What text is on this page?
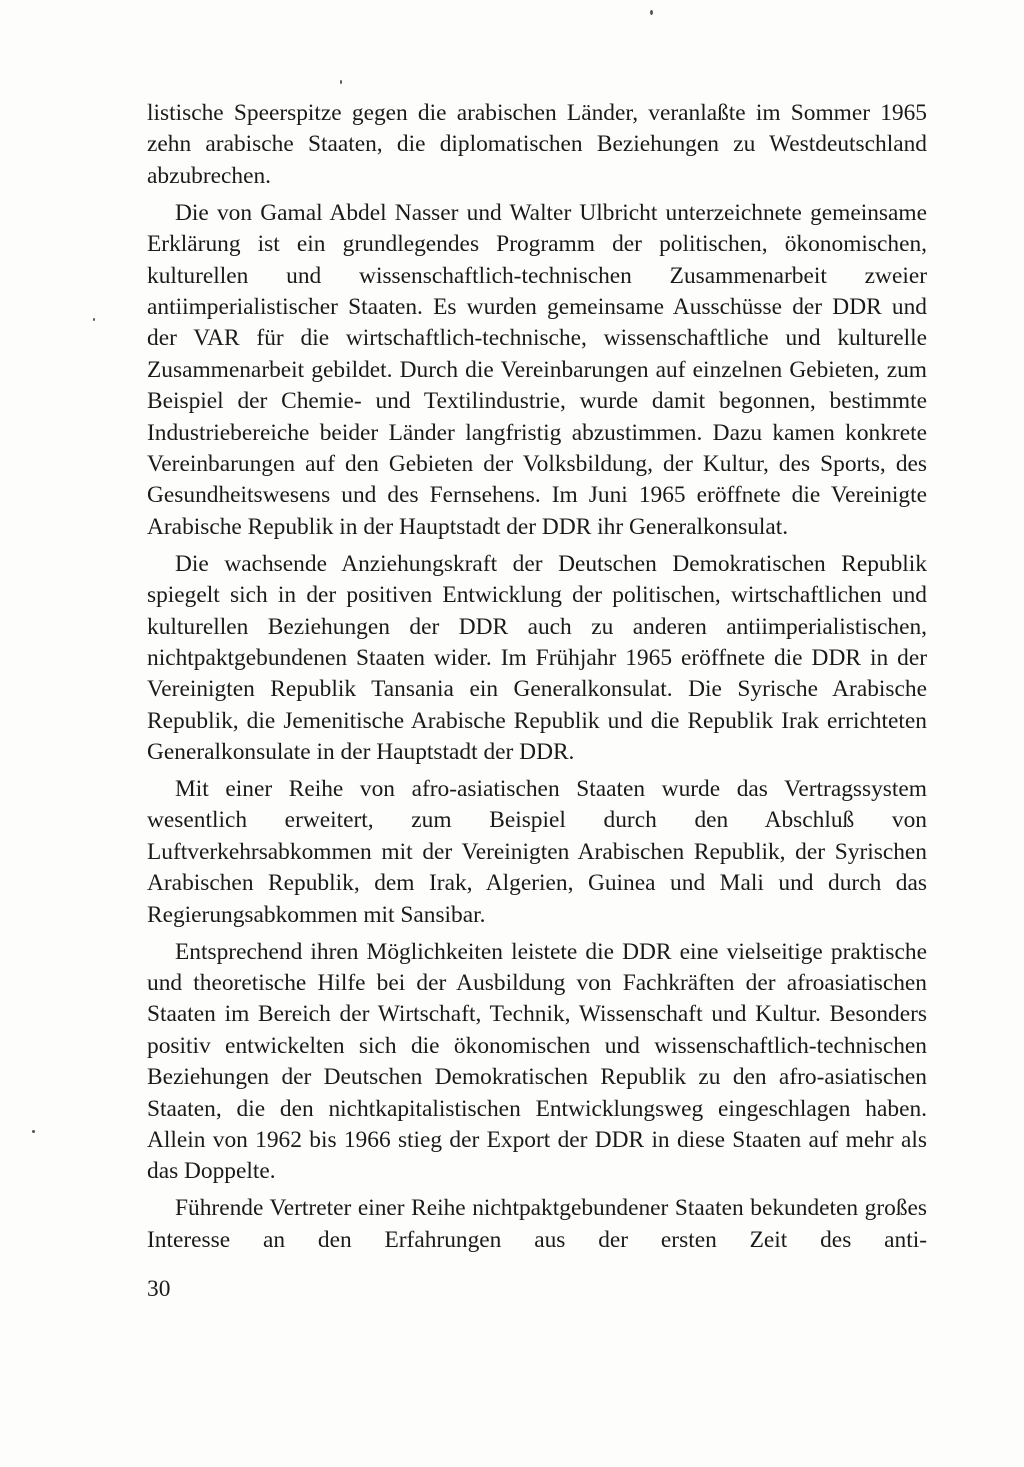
listische Speerspitze gegen die arabischen Länder, veranlaßte im Sommer 1965 zehn arabische Staaten, die diplomatischen Beziehungen zu Westdeutschland abzubrechen.

Die von Gamal Abdel Nasser und Walter Ulbricht unterzeichnete gemeinsame Erklärung ist ein grundlegendes Programm der politischen, ökonomischen, kulturellen und wissenschaftlich-technischen Zusammenarbeit zweier antiimperialistischer Staaten. Es wurden gemeinsame Ausschüsse der DDR und der VAR für die wirtschaftlich-technische, wissenschaftliche und kulturelle Zusammenarbeit gebildet. Durch die Vereinbarungen auf einzelnen Gebieten, zum Beispiel der Chemie- und Textilindustrie, wurde damit begonnen, bestimmte Industriebereiche beider Länder langfristig abzustimmen. Dazu kamen konkrete Vereinbarungen auf den Gebieten der Volksbildung, der Kultur, des Sports, des Gesundheitswesens und des Fernsehens. Im Juni 1965 eröffnete die Vereinigte Arabische Republik in der Hauptstadt der DDR ihr Generalkonsulat.

Die wachsende Anziehungskraft der Deutschen Demokratischen Republik spiegelt sich in der positiven Entwicklung der politischen, wirtschaftlichen und kulturellen Beziehungen der DDR auch zu anderen antiimperialistischen, nichtpaktgebundenen Staaten wider. Im Frühjahr 1965 eröffnete die DDR in der Vereinigten Republik Tansania ein Generalkonsulat. Die Syrische Arabische Republik, die Jemenitische Arabische Republik und die Republik Irak errichteten Generalkonsulate in der Hauptstadt der DDR.

Mit einer Reihe von afro-asiatischen Staaten wurde das Vertragssystem wesentlich erweitert, zum Beispiel durch den Abschluß von Luftverkehrsabkommen mit der Vereinigten Arabischen Republik, der Syrischen Arabischen Republik, dem Irak, Algerien, Guinea und Mali und durch das Regierungsabkommen mit Sansibar.

Entsprechend ihren Möglichkeiten leistete die DDR eine vielseitige praktische und theoretische Hilfe bei der Ausbildung von Fachkräften der afroasiatischen Staaten im Bereich der Wirtschaft, Technik, Wissenschaft und Kultur. Besonders positiv entwickelten sich die ökonomischen und wissenschaftlich-technischen Beziehungen der Deutschen Demokratischen Republik zu den afro-asiatischen Staaten, die den nichtkapitalistischen Entwicklungsweg eingeschlagen haben. Allein von 1962 bis 1966 stieg der Export der DDR in diese Staaten auf mehr als das Doppelte.

Führende Vertreter einer Reihe nichtpaktgebundener Staaten bekundeten großes Interesse an den Erfahrungen aus der ersten Zeit des anti-

30
